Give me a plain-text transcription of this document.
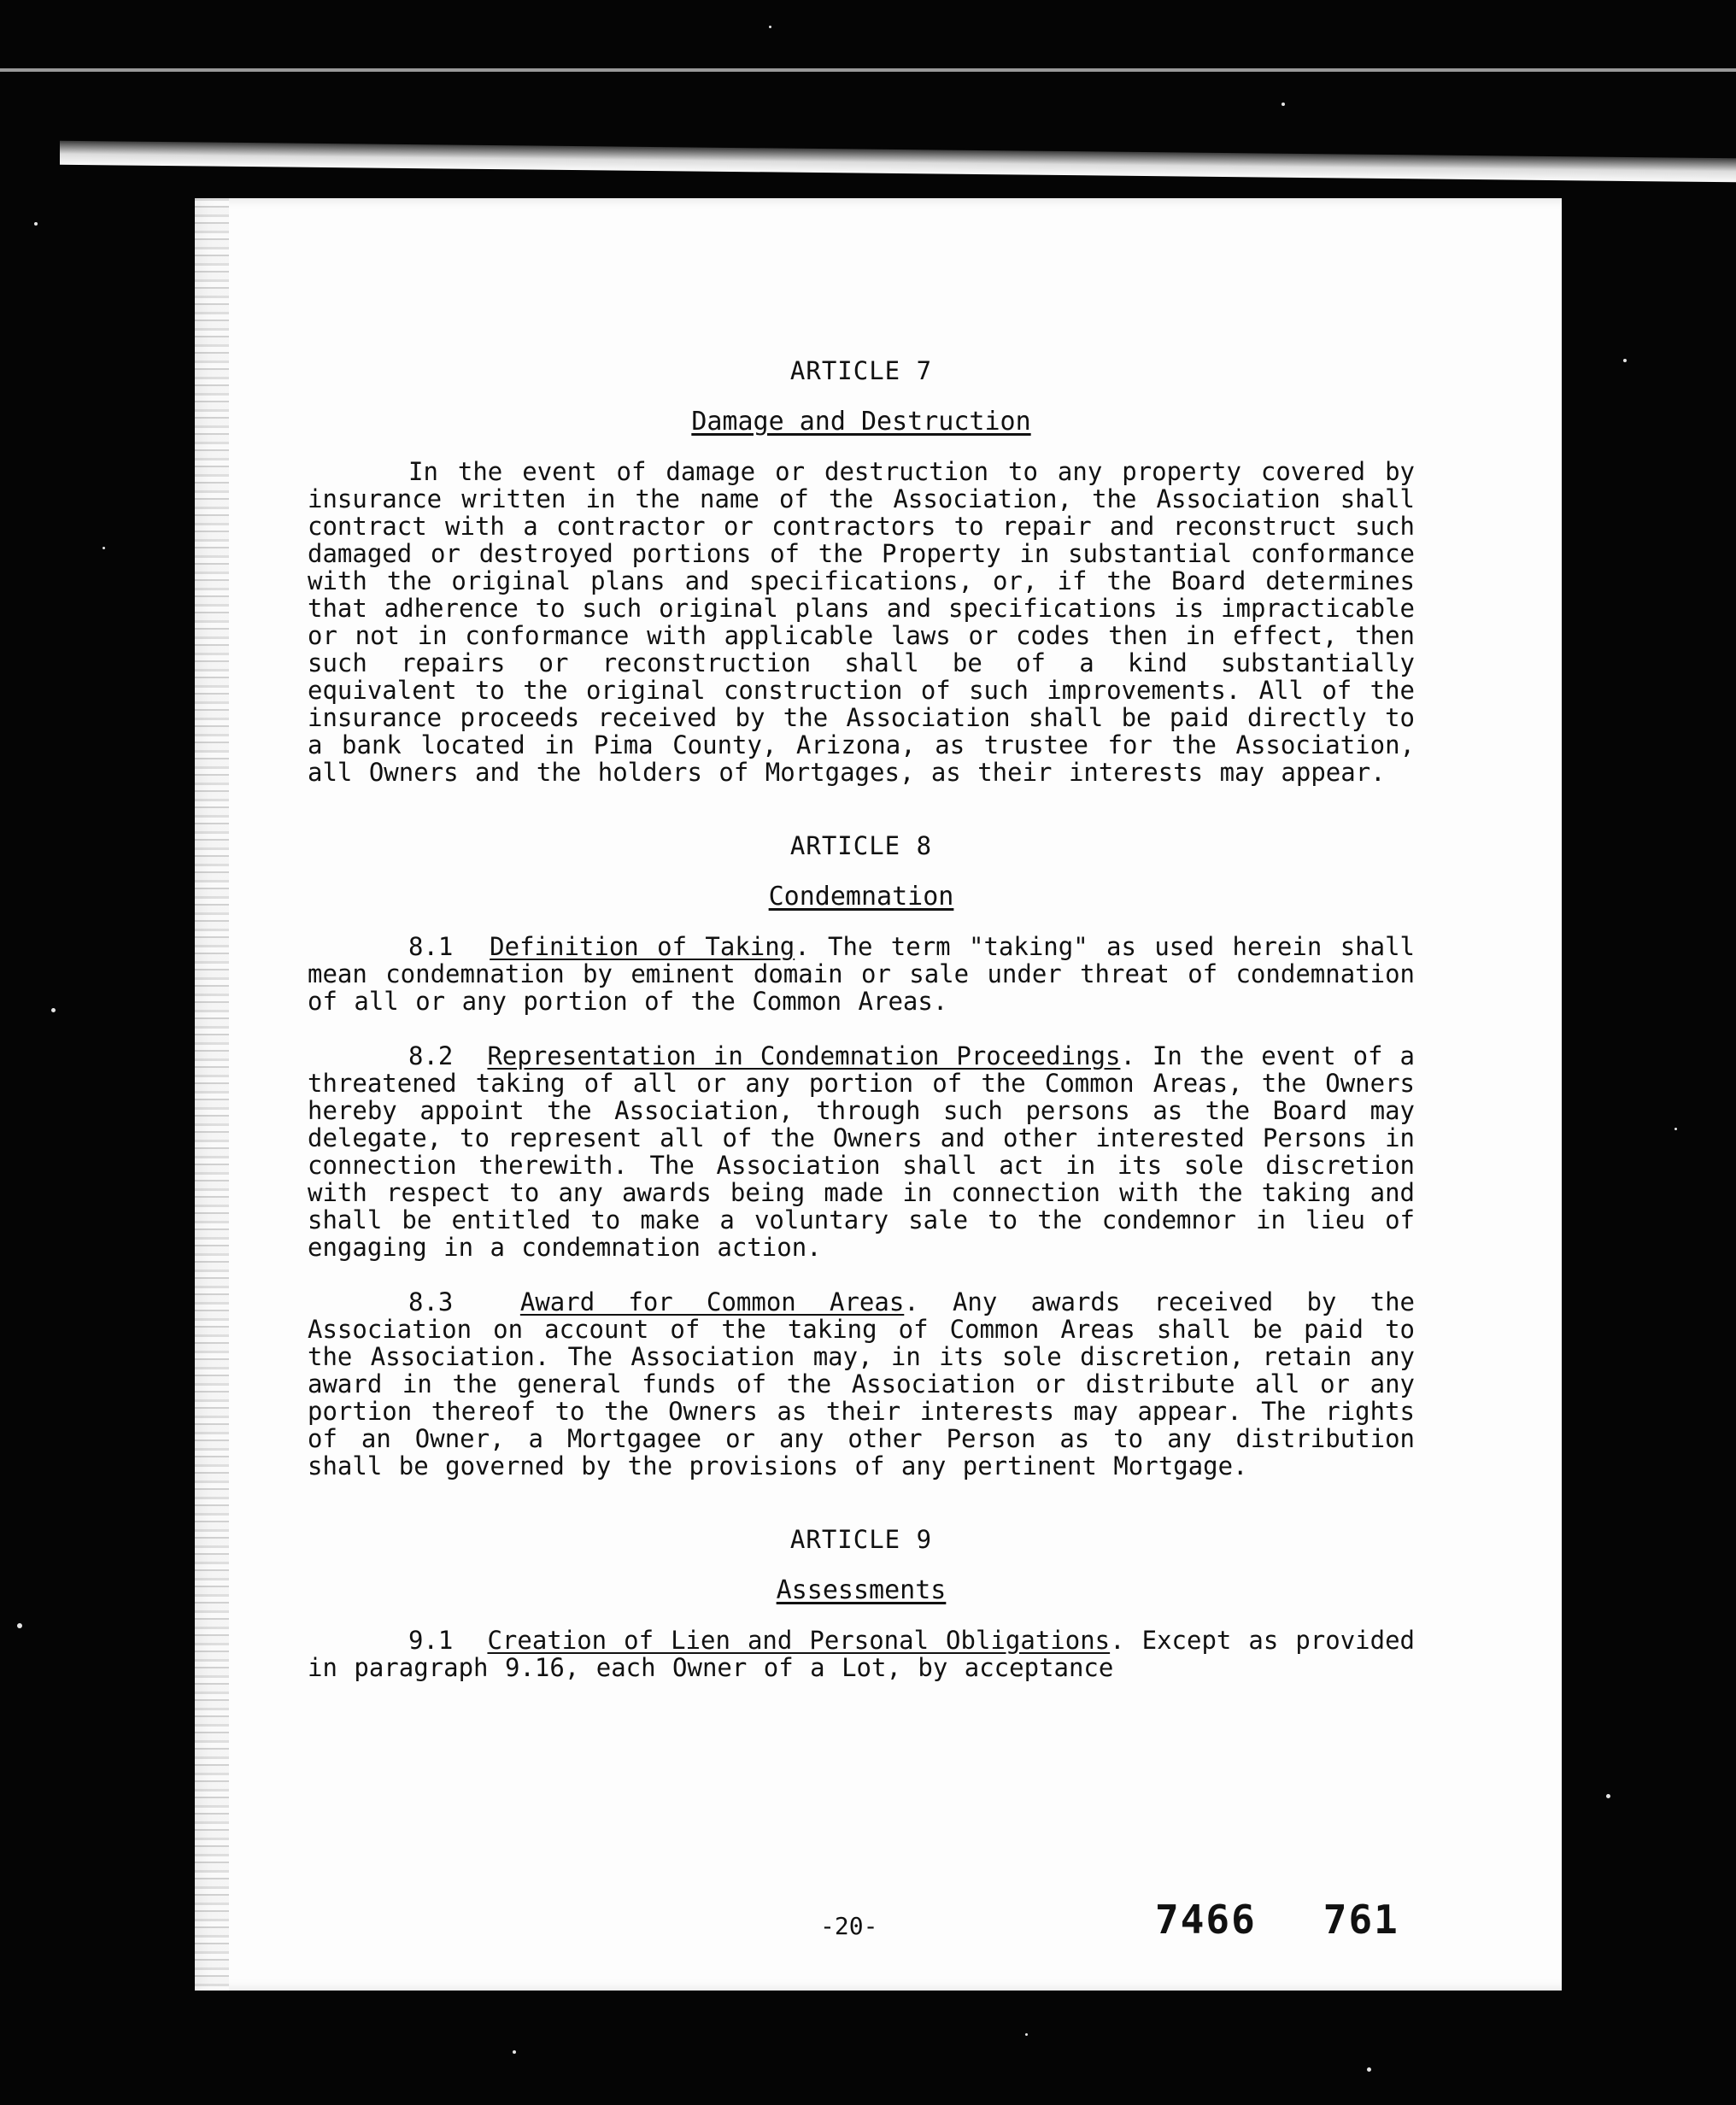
ARTICLE 7

Damage and Destruction

In the event of damage or destruction to any property covered by insurance written in the name of the Association, the Association shall contract with a contractor or contractors to repair and reconstruct such damaged or destroyed portions of the Property in substantial conformance with the original plans and specifications, or, if the Board determines that adherence to such original plans and specifications is impracticable or not in conformance with applicable laws or codes then in effect, then such repairs or reconstruction shall be of a kind substantially equivalent to the original construction of such improvements. All of the insurance proceeds received by the Association shall be paid directly to a bank located in Pima County, Arizona, as trustee for the Association, all Owners and the holders of Mortgages, as their interests may appear.

ARTICLE 8

Condemnation

8.1 Definition of Taking. The term "taking" as used herein shall mean condemnation by eminent domain or sale under threat of condemnation of all or any portion of the Common Areas.

8.2 Representation in Condemnation Proceedings. In the event of a threatened taking of all or any portion of the Common Areas, the Owners hereby appoint the Association, through such persons as the Board may delegate, to represent all of the Owners and other interested Persons in connection therewith. The Association shall act in its sole discretion with respect to any awards being made in connection with the taking and shall be entitled to make a voluntary sale to the condemnor in lieu of engaging in a condemnation action.

8.3	Award for Common Areas. Any awards received by the Association on account of the taking of Common Areas shall be paid to the Association. The Association may, in its sole discretion, retain any award in the general funds of the Association or distribute all or any portion thereof to the Owners as their interests may appear. The rights of an Owner, a Mortgagee or any other Person as to any distribution shall be governed by the provisions of any pertinent Mortgage.

ARTICLE 9

Assessments

9.1 Creation of Lien and Personal Obligations. Except as provided in paragraph 9.16, each Owner of a Lot, by acceptance

-20-	7466 761
